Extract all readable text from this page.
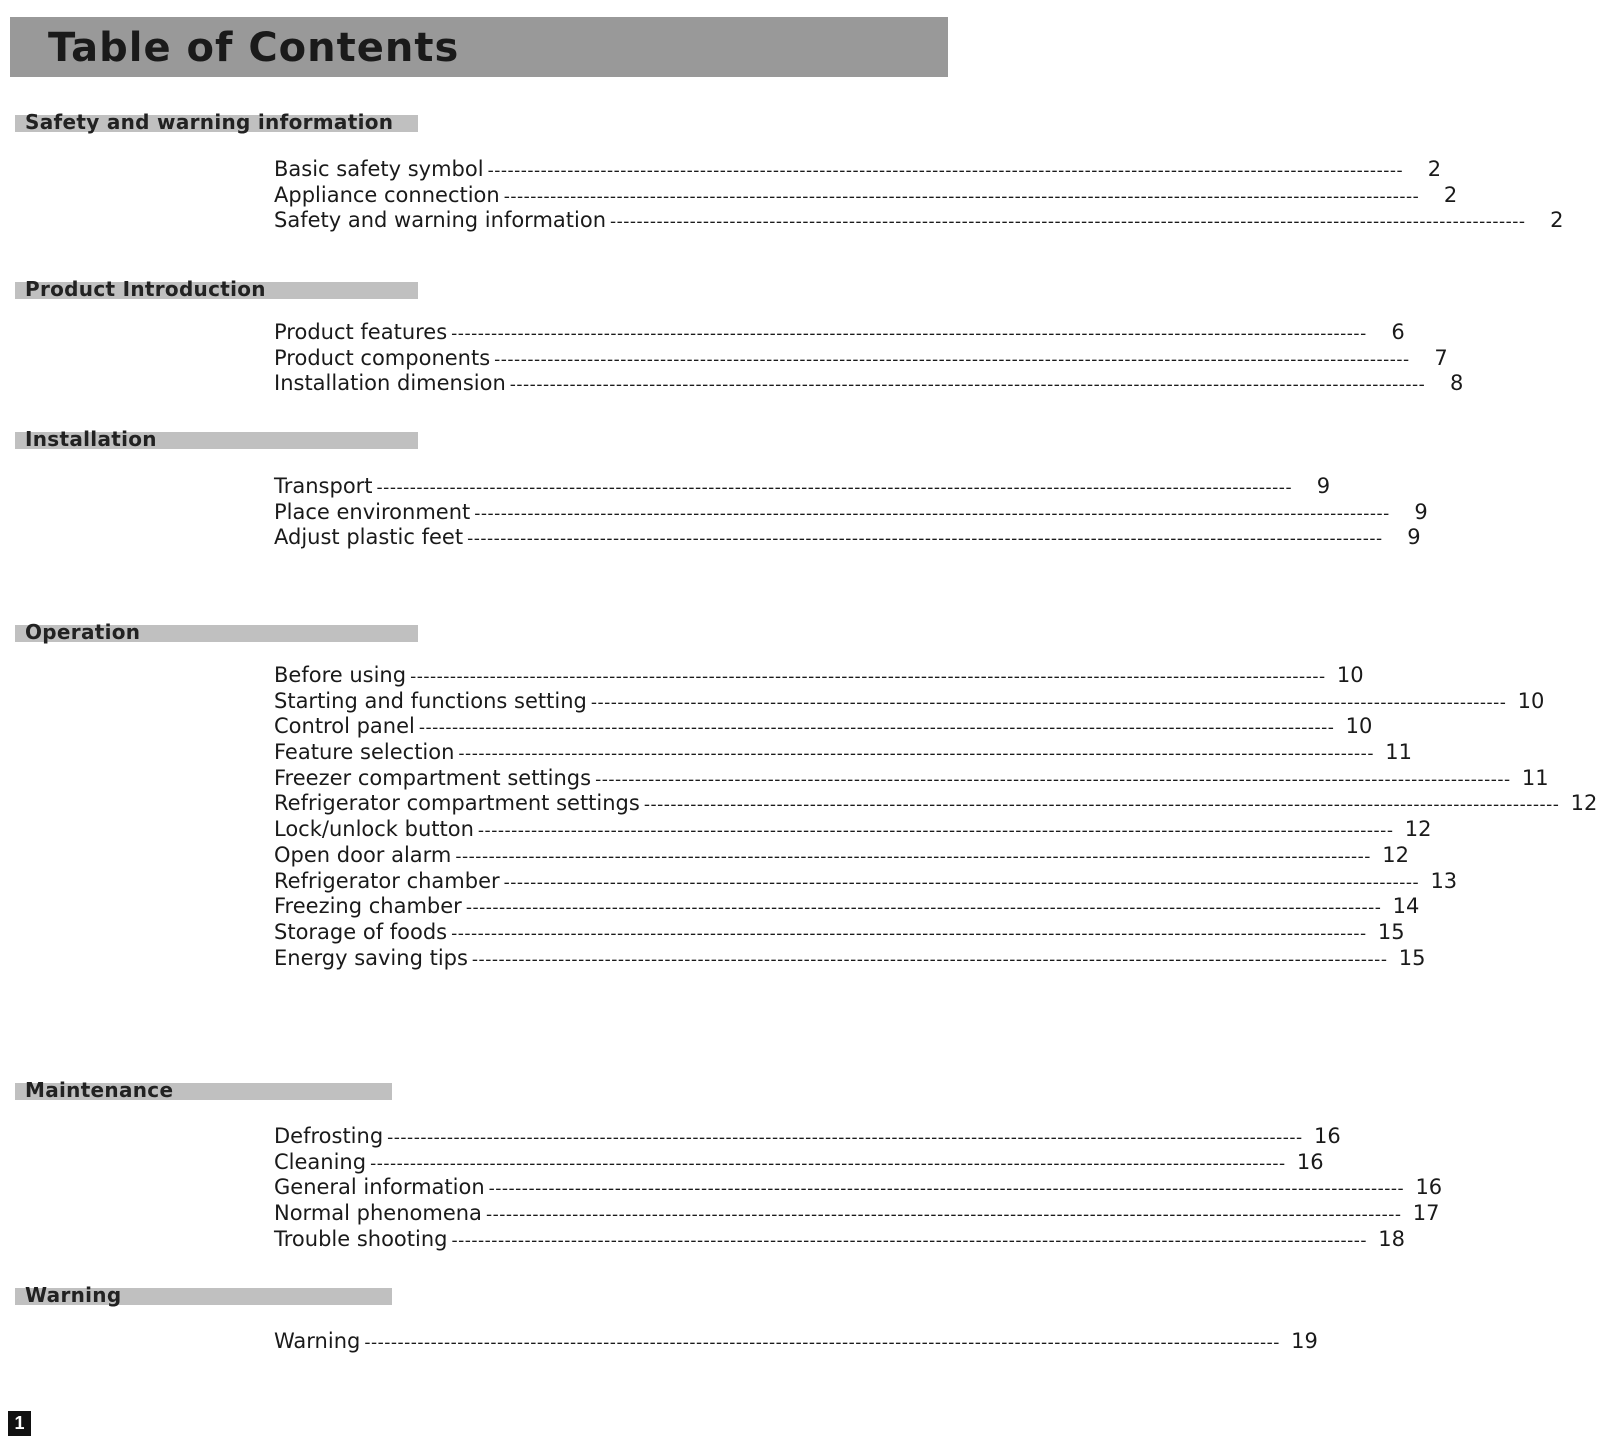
Table of Contents
Safety and warning information
Basic safety symbol ------------------------------------------------------------------------------------------------------------------------------------------	2
Appliance connection ------------------------------------------------------------------------------------------------------------------------------------------	2
Safety and warning information ------------------------------------------------------------------------------------------------------------------------------------------	2
Product Introduction
Product features ------------------------------------------------------------------------------------------------------------------------------------------	6
Product components ------------------------------------------------------------------------------------------------------------------------------------------	7
Installation dimension ------------------------------------------------------------------------------------------------------------------------------------------	8
Installation
Transport ------------------------------------------------------------------------------------------------------------------------------------------	9
Place environment ------------------------------------------------------------------------------------------------------------------------------------------	9
Adjust plastic feet ------------------------------------------------------------------------------------------------------------------------------------------	9
Operation
Before using ------------------------------------------------------------------------------------------------------------------------------------------ 10
Starting and functions setting ------------------------------------------------------------------------------------------------------------------------------------------ 10
Control panel ------------------------------------------------------------------------------------------------------------------------------------------ 10
Feature selection ------------------------------------------------------------------------------------------------------------------------------------------ 11
Freezer compartment settings ------------------------------------------------------------------------------------------------------------------------------------------ 11
Refrigerator compartment settings ------------------------------------------------------------------------------------------------------------------------------------------ 12
Lock/unlock button ------------------------------------------------------------------------------------------------------------------------------------------ 12
Open door alarm ------------------------------------------------------------------------------------------------------------------------------------------ 12
Refrigerator chamber ------------------------------------------------------------------------------------------------------------------------------------------ 13
Freezing chamber ------------------------------------------------------------------------------------------------------------------------------------------ 14
Storage of foods ------------------------------------------------------------------------------------------------------------------------------------------ 15
Energy saving tips ------------------------------------------------------------------------------------------------------------------------------------------ 15
Maintenance
Defrosting ------------------------------------------------------------------------------------------------------------------------------------------ 16
Cleaning ------------------------------------------------------------------------------------------------------------------------------------------ 16
General information ------------------------------------------------------------------------------------------------------------------------------------------ 16
Normal phenomena ------------------------------------------------------------------------------------------------------------------------------------------ 17
Trouble shooting ------------------------------------------------------------------------------------------------------------------------------------------ 18
Warning
Warning ------------------------------------------------------------------------------------------------------------------------------------------ 19
1
